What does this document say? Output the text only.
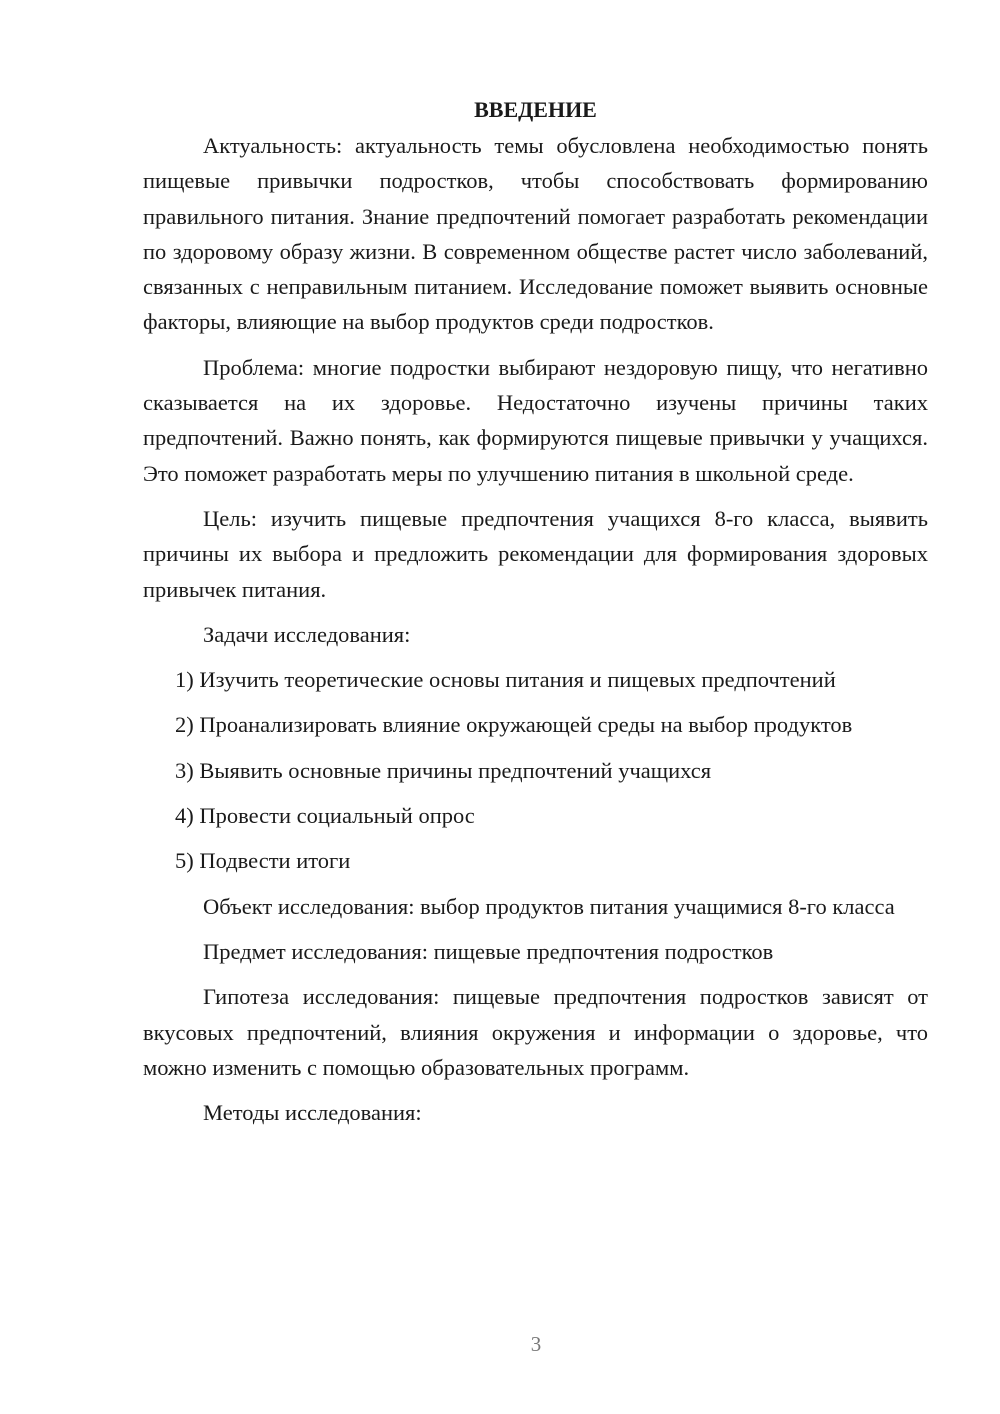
ВВЕДЕНИЕ

Актуальность: актуальность темы обусловлена необходимостью понять пищевые привычки подростков, чтобы способствовать формированию правильного питания. Знание предпочтений помогает разработать рекомендации по здоровому образу жизни. В современном обществе растет число заболеваний, связанных с неправильным питанием. Исследование поможет выявить основные факторы, влияющие на выбор продуктов среди подростков.

Проблема: многие подростки выбирают нездоровую пищу, что негативно сказывается на их здоровье. Недостаточно изучены причины таких предпочтений. Важно понять, как формируются пищевые привычки у учащихся. Это поможет разработать меры по улучшению питания в школьной среде.

Цель: изучить пищевые предпочтения учащихся 8-го класса, выявить причины их выбора и предложить рекомендации для формирования здоровых привычек питания.

Задачи исследования:

1) Изучить теоретические основы питания и пищевых предпочтений

2) Проанализировать влияние окружающей среды на выбор продуктов

3) Выявить основные причины предпочтений учащихся

4) Провести социальный опрос

5) Подвести итоги

Объект исследования: выбор продуктов питания учащимися 8-го класса

Предмет исследования: пищевые предпочтения подростков

Гипотеза исследования: пищевые предпочтения подростков зависят от вкусовых предпочтений, влияния окружения и информации о здоровье, что можно изменить с помощью образовательных программ.

Методы исследования:

3
